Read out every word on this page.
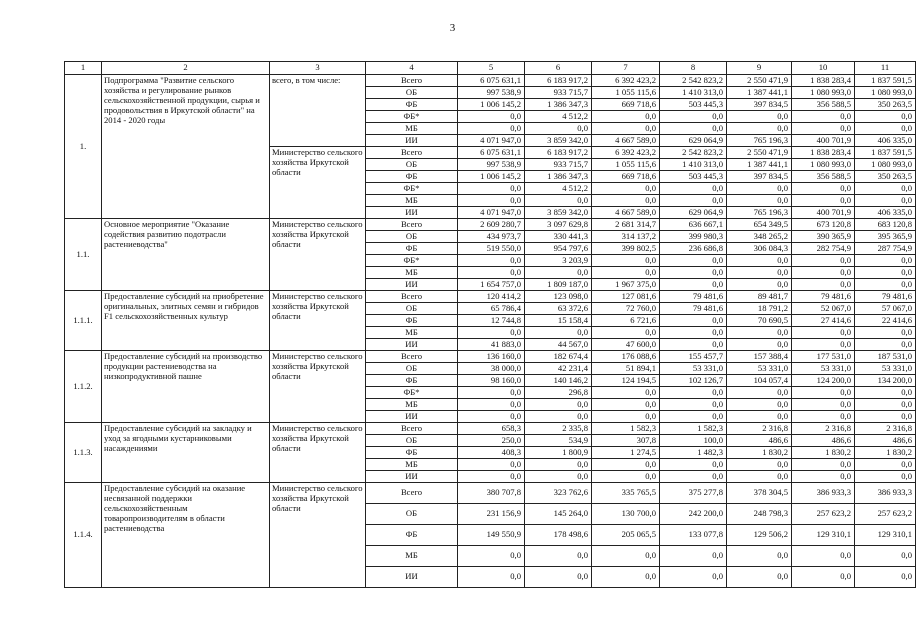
3
1	2	3	4	5	6	7	8	9	10	11
1.	Подпрограмма "Развитие сельского хозяйства и регулирование рынков сельскохозяйственной продукции, сырья и продовольствия в Иркутской области" на 2014 - 2020 годы	всего, в том числе:	Всего	6 075 631,1	6 183 917,2	6 392 423,2	2 542 823,2	2 550 471,9	1 838 283,4	1 837 591,5
			ОБ	997 538,9	933 715,7	1 055 115,6	1 410 313,0	1 387 441,1	1 080 993,0	1 080 993,0
			ФБ	1 006 145,2	1 386 347,3	669 718,6	503 445,3	397 834,5	356 588,5	350 263,5
			ФБ*	0,0	4 512,2	0,0	0,0	0,0	0,0	0,0
			МБ	0,0	0,0	0,0	0,0	0,0	0,0	0,0
			ИИ	4 071 947,0	3 859 342,0	4 667 589,0	629 064,9	765 196,3	400 701,9	406 335,0
		Министерство сельского хозяйства Иркутской области	Всего	6 075 631,1	6 183 917,2	6 392 423,2	2 542 823,2	2 550 471,9	1 838 283,4	1 837 591,5
			ОБ	997 538,9	933 715,7	1 055 115,6	1 410 313,0	1 387 441,1	1 080 993,0	1 080 993,0
			ФБ	1 006 145,2	1 386 347,3	669 718,6	503 445,3	397 834,5	356 588,5	350 263,5
			ФБ*	0,0	4 512,2	0,0	0,0	0,0	0,0	0,0
			МБ	0,0	0,0	0,0	0,0	0,0	0,0	0,0
			ИИ	4 071 947,0	3 859 342,0	4 667 589,0	629 064,9	765 196,3	400 701,9	406 335,0
1.1.	Основное мероприятие "Оказание содействия развитию подотрасли растениеводства"	Министерство сельского хозяйства Иркутской области	Всего	2 609 280,7	3 097 629,8	2 681 314,7	636 667,1	654 349,5	673 120,8	683 120,8
			ОБ	434 973,7	330 441,3	314 137,2	399 980,3	348 265,2	390 365,9	395 365,9
			ФБ	519 550,0	954 797,6	399 802,5	236 686,8	306 084,3	282 754,9	287 754,9
			ФБ*	0,0	3 203,9	0,0	0,0	0,0	0,0	0,0
			МБ	0,0	0,0	0,0	0,0	0,0	0,0	0,0
			ИИ	1 654 757,0	1 809 187,0	1 967 375,0	0,0	0,0	0,0	0,0
1.1.1.	Предоставление субсидий на приобретение оригинальных, элитных семян и гибридов F1 сельскохозяйственных культур	Министерство сельского хозяйства Иркутской области	Всего	120 414,2	123 098,0	127 081,6	79 481,6	89 481,7	79 481,6	79 481,6
			ОБ	65 786,4	63 372,6	72 760,0	79 481,6	18 791,2	52 067,0	57 067,0
			ФБ	12 744,8	15 158,4	6 721,6	0,0	70 690,5	27 414,6	22 414,6
			МБ	0,0	0,0	0,0	0,0	0,0	0,0	0,0
			ИИ	41 883,0	44 567,0	47 600,0	0,0	0,0	0,0	0,0
1.1.2.	Предоставление субсидий на производство продукции растениеводства на низкопродуктивной пашне	Министерство сельского хозяйства Иркутской области	Всего	136 160,0	182 674,4	176 088,6	155 457,7	157 388,4	177 531,0	187 531,0
			ОБ	38 000,0	42 231,4	51 894,1	53 331,0	53 331,0	53 331,0	53 331,0
			ФБ	98 160,0	140 146,2	124 194,5	102 126,7	104 057,4	124 200,0	134 200,0
			ФБ*	0,0	296,8	0,0	0,0	0,0	0,0	0,0
			МБ	0,0	0,0	0,0	0,0	0,0	0,0	0,0
			ИИ	0,0	0,0	0,0	0,0	0,0	0,0	0,0
1.1.3.	Предоставление субсидий на закладку и уход за ягодными кустарниковыми насаждениями	Министерство сельского хозяйства Иркутской области	Всего	658,3	2 335,8	1 582,3	1 582,3	2 316,8	2 316,8	2 316,8
			ОБ	250,0	534,9	307,8	100,0	486,6	486,6	486,6
			ФБ	408,3	1 800,9	1 274,5	1 482,3	1 830,2	1 830,2	1 830,2
			МБ	0,0	0,0	0,0	0,0	0,0	0,0	0,0
			ИИ	0,0	0,0	0,0	0,0	0,0	0,0	0,0
1.1.4.	Предоставление субсидий на оказание несвязанной поддержки сельскохозяйственным товаропроизводителям в области растениеводства	Министерство сельского хозяйства Иркутской области	Всего	380 707,8	323 762,6	335 765,5	375 277,8	378 304,5	386 933,3	386 933,3
			ОБ	231 156,9	145 264,0	130 700,0	242 200,0	248 798,3	257 623,2	257 623,2
			ФБ	149 550,9	178 498,6	205 065,5	133 077,8	129 506,2	129 310,1	129 310,1
			МБ	0,0	0,0	0,0	0,0	0,0	0,0	0,0
			ИИ	0,0	0,0	0,0	0,0	0,0	0,0	0,0
